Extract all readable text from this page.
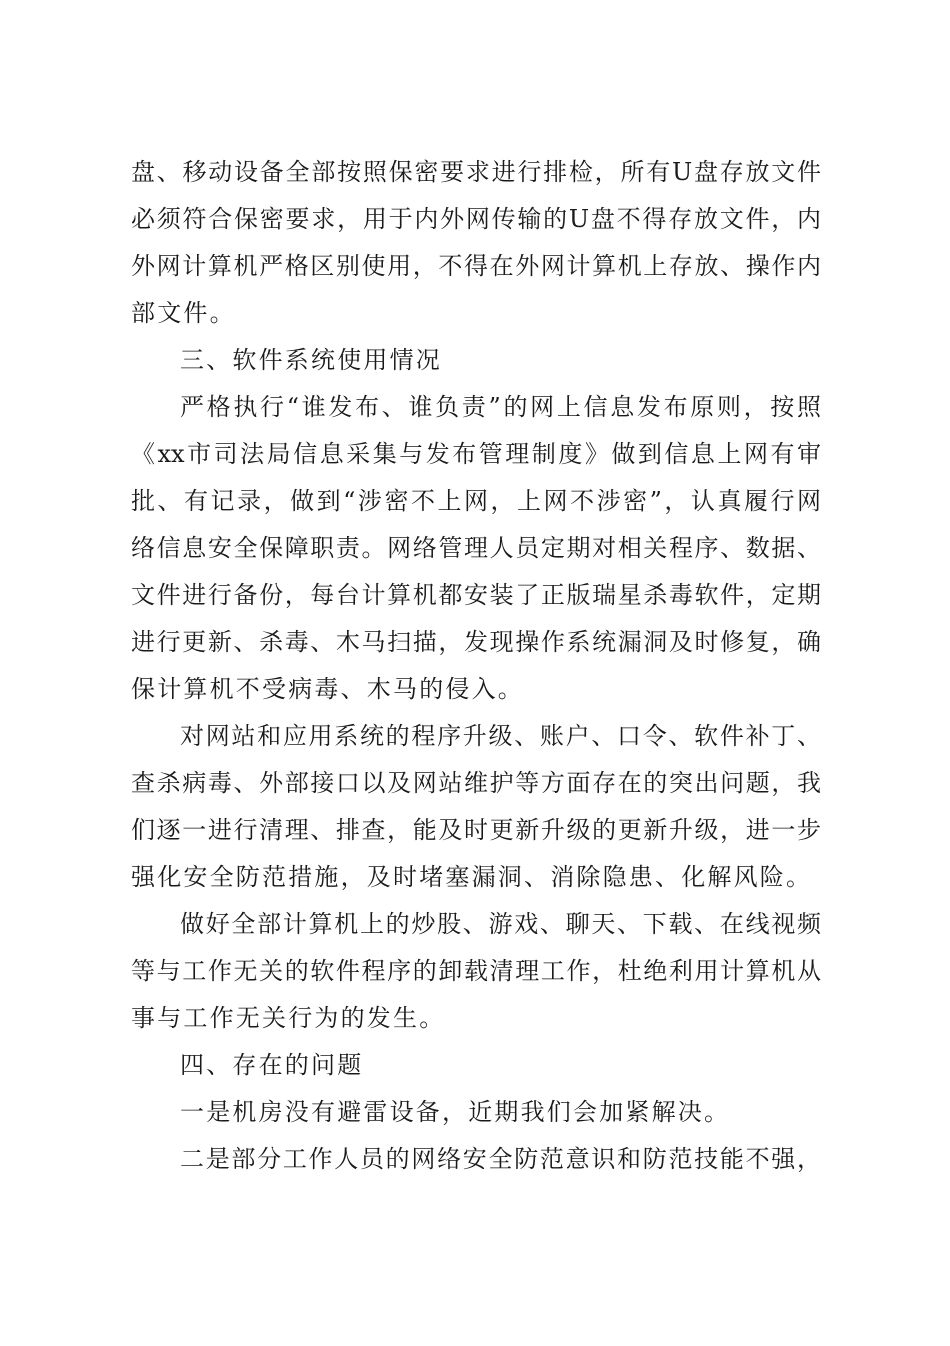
盘、移动设备全部按照保密要求进行排检，所有U盘存放文件
必须符合保密要求，用于内外网传输的U盘不得存放文件，内
外网计算机严格区别使用，不得在外网计算机上存放、操作内
部文件。
三、软件系统使用情况
严格执行“谁发布、谁负责”的网上信息发布原则，按照
《xx市司法局信息采集与发布管理制度》做到信息上网有审
批、有记录，做到“涉密不上网，上网不涉密”，认真履行网
络信息安全保障职责。网络管理人员定期对相关程序、数据、
文件进行备份，每台计算机都安装了正版瑞星杀毒软件，定期
进行更新、杀毒、木马扫描，发现操作系统漏洞及时修复，确
保计算机不受病毒、木马的侵入。
对网站和应用系统的程序升级、账户、口令、软件补丁、
查杀病毒、外部接口以及网站维护等方面存在的突出问题，我
们逐一进行清理、排查，能及时更新升级的更新升级，进一步
强化安全防范措施，及时堵塞漏洞、消除隐患、化解风险。
做好全部计算机上的炒股、游戏、聊天、下载、在线视频
等与工作无关的软件程序的卸载清理工作，杜绝利用计算机从
事与工作无关行为的发生。
四、存在的问题
一是机房没有避雷设备，近期我们会加紧解决。
二是部分工作人员的网络安全防范意识和防范技能不强，
